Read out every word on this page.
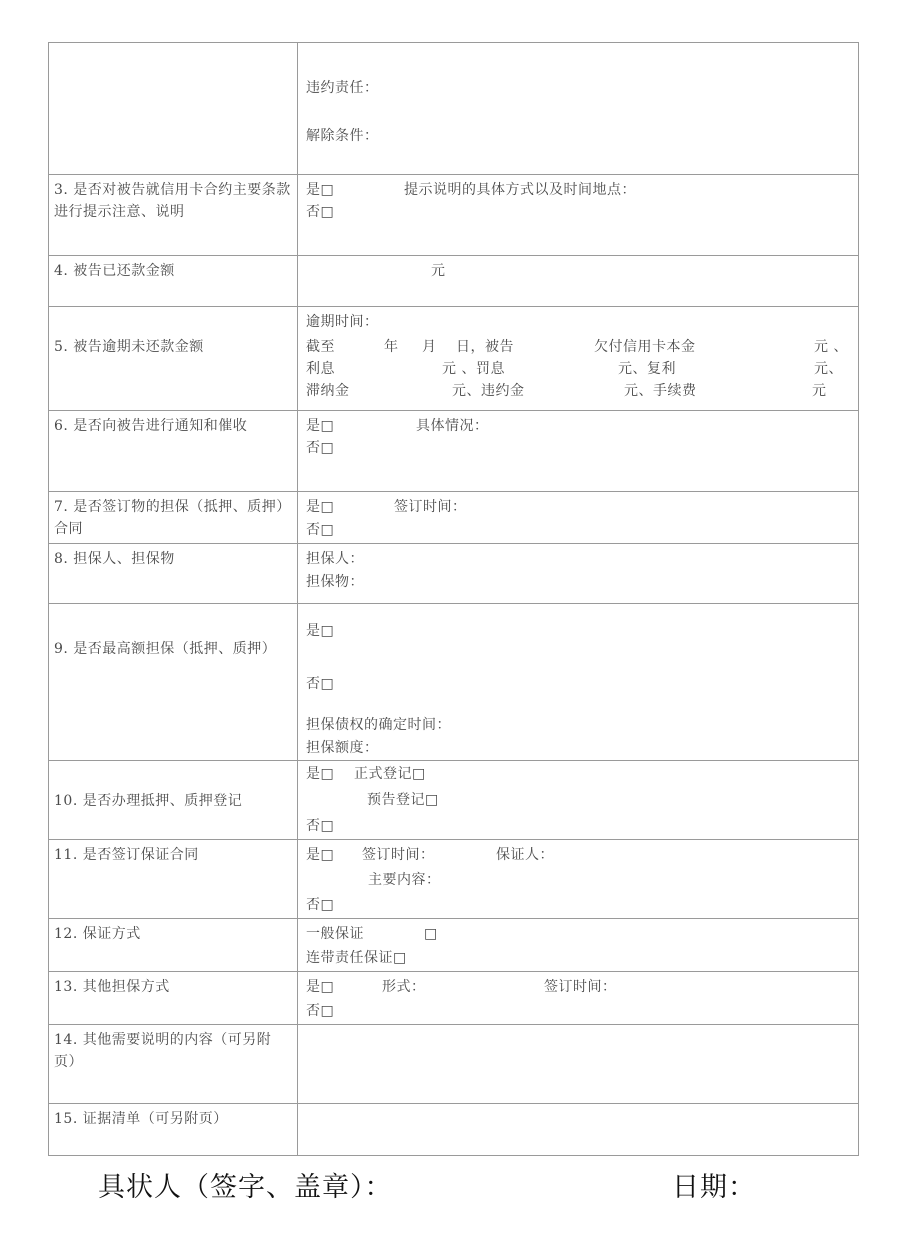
违约责任：
解除条件：
3. 是否对被告就信用卡合约主要条款进行提示注意、说明
是□	提示说明的具体方式以及时间地点：
否□
4. 被告已还款金额	元
5. 被告逾期未还款金额
逾期时间：
截至	年 月 日，被告	欠付信用卡本金	元 、
利息	元 、罚息	元、复利	元、
滞纳金	元、违约金	元、手续费	元
6. 是否向被告进行通知和催收	是□	具体情况：
否□
7. 是否签订物的担保（抵押、质押）合同
是□	签订时间：
否□
8. 担保人、担保物	担保人：
担保物：
9. 是否最高额担保（抵押、质押）
是□
否□
担保债权的确定时间：
担保额度：
10. 是否办理抵押、质押登记
是□ 正式登记□
预告登记□
否□
11. 是否签订保证合同	是□ 签订时间：	保证人：
主要内容：
否□
12. 保证方式	一般保证	□
连带责任保证□
13. 其他担保方式	是□	形式：	签订时间：
否□
14. 其他需要说明的内容（可另附页）
15. 证据清单（可另附页）
具状人（签字、盖章）：	日期：
